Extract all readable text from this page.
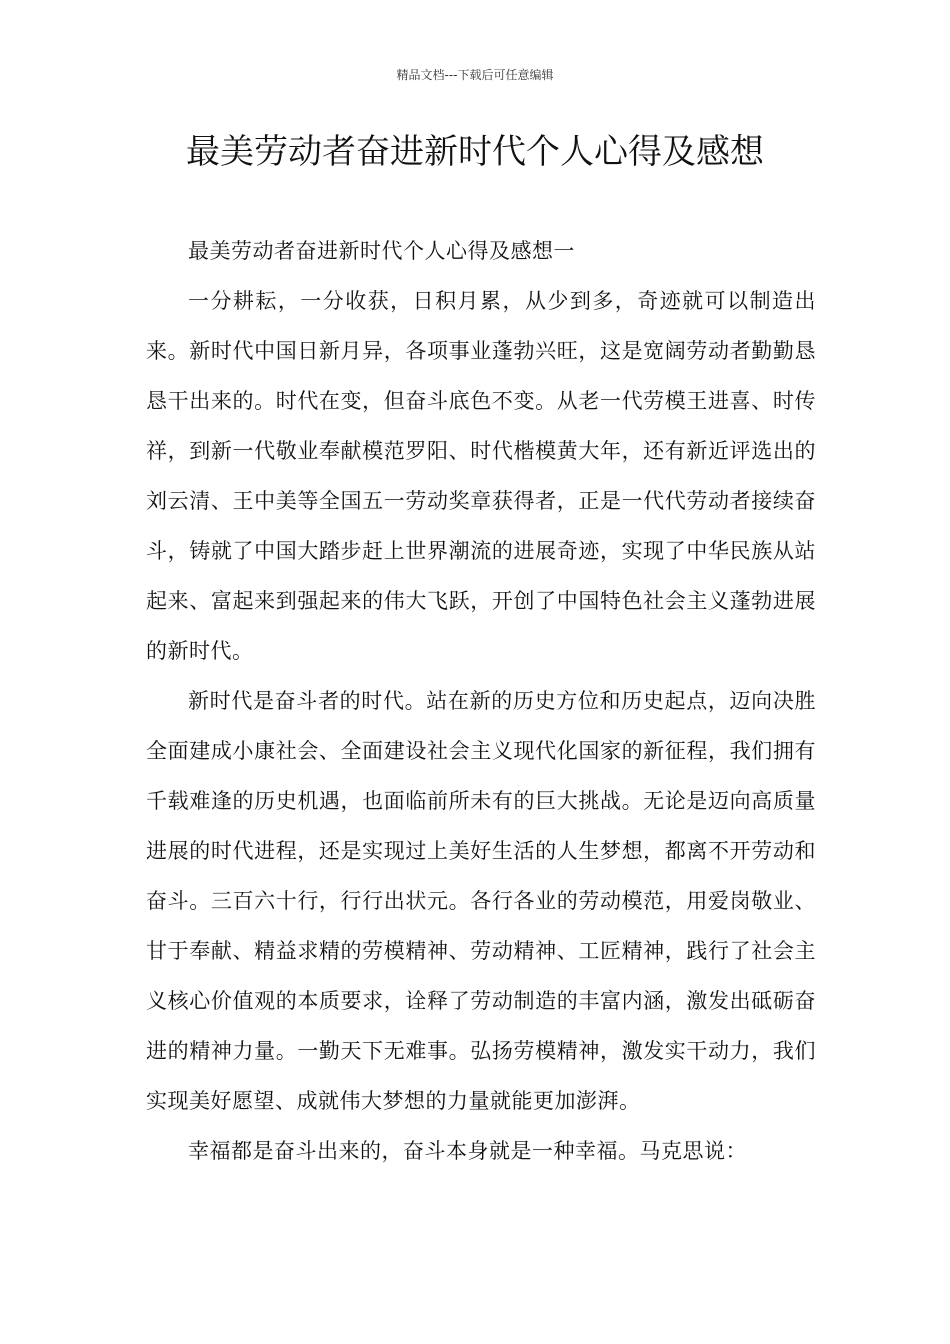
精品文档---下载后可任意编辑
最美劳动者奋进新时代个人心得及感想

最美劳动者奋进新时代个人心得及感想一

一分耕耘，一分收获，日积月累，从少到多，奇迹就可以制造出来。新时代中国日新月异，各项事业蓬勃兴旺，这是宽阔劳动者勤勤恳恳干出来的。时代在变，但奋斗底色不变。从老一代劳模王进喜、时传祥，到新一代敬业奉献模范罗阳、时代楷模黄大年，还有新近评选出的刘云清、王中美等全国五一劳动奖章获得者，正是一代代劳动者接续奋斗，铸就了中国大踏步赶上世界潮流的进展奇迹，实现了中华民族从站起来、富起来到强起来的伟大飞跃，开创了中国特色社会主义蓬勃进展的新时代。

新时代是奋斗者的时代。站在新的历史方位和历史起点，迈向决胜全面建成小康社会、全面建设社会主义现代化国家的新征程，我们拥有千载难逢的历史机遇，也面临前所未有的巨大挑战。无论是迈向高质量进展的时代进程，还是实现过上美好生活的人生梦想，都离不开劳动和奋斗。三百六十行，行行出状元。各行各业的劳动模范，用爱岗敬业、甘于奉献、精益求精的劳模精神、劳动精神、工匠精神，践行了社会主义核心价值观的本质要求，诠释了劳动制造的丰富内涵，激发出砥砺奋进的精神力量。一勤天下无难事。弘扬劳模精神，激发实干动力，我们实现美好愿望、成就伟大梦想的力量就能更加澎湃。

幸福都是奋斗出来的，奋斗本身就是一种幸福。马克思说：
